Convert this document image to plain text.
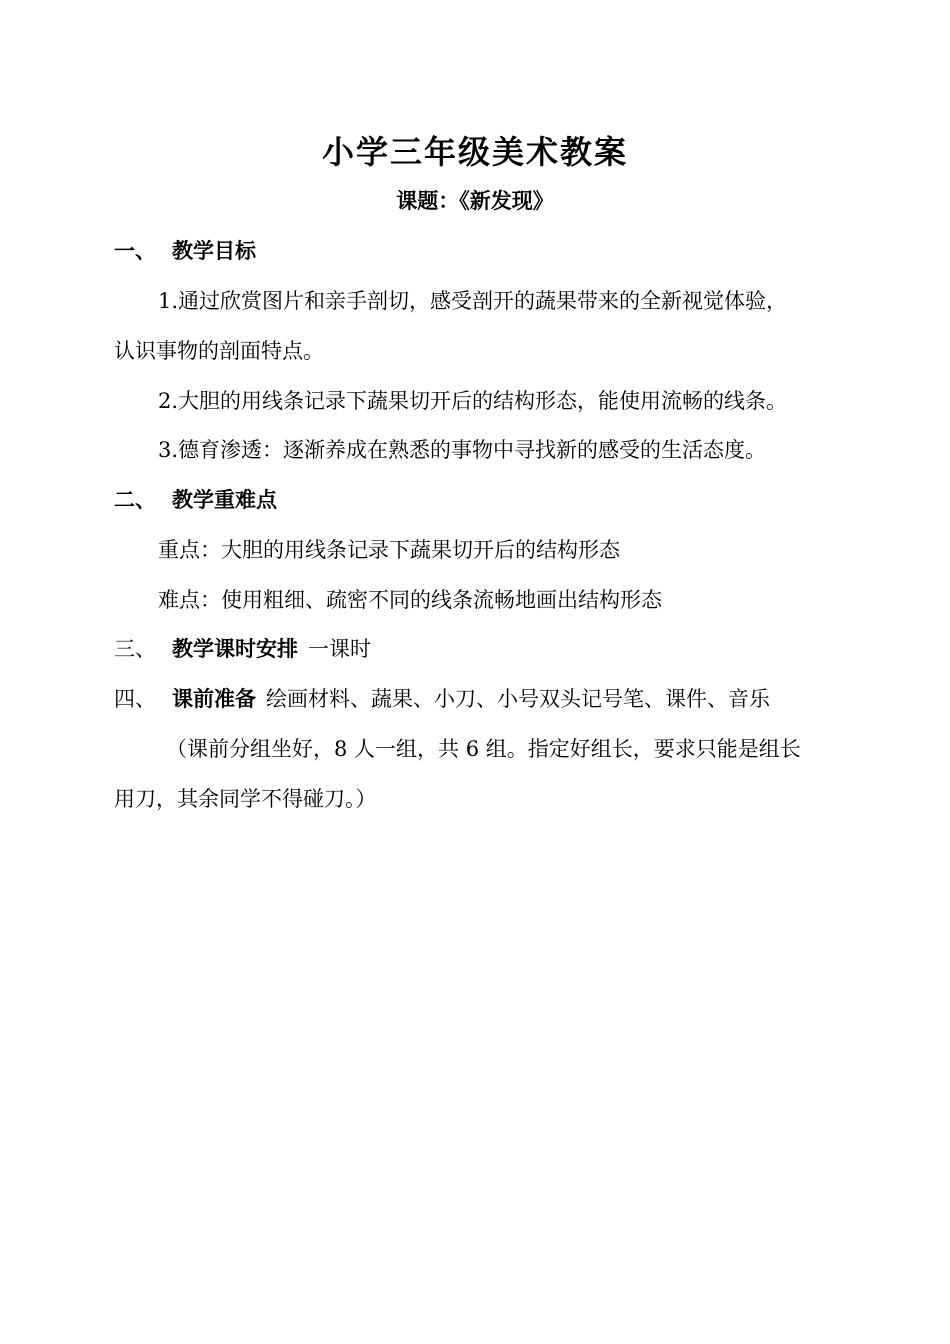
小学三年级美术教案
课题：《新发现》
一、 教学目标
1.通过欣赏图片和亲手剖切，感受剖开的蔬果带来的全新视觉体验，
认识事物的剖面特点。
2.大胆的用线条记录下蔬果切开后的结构形态，能使用流畅的线条。
3.德育渗透：逐渐养成在熟悉的事物中寻找新的感受的生活态度。
二、 教学重难点
重点：大胆的用线条记录下蔬果切开后的结构形态
难点：使用粗细、疏密不同的线条流畅地画出结构形态
三、 教学课时安排 一课时
四、 课前准备 绘画材料、蔬果、小刀、小号双头记号笔、课件、音乐
（课前分组坐好，8 人一组，共 6 组。指定好组长，要求只能是组长
用刀，其余同学不得碰刀。）
